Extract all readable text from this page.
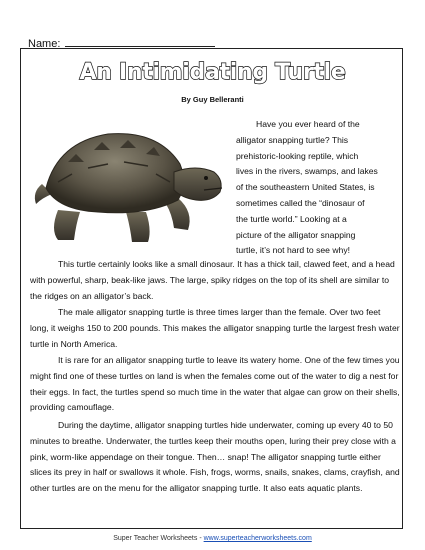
Name:
An Intimidating Turtle
By Guy Belleranti

Have you ever heard of the
alligator snapping turtle? This
prehistoric-looking reptile, which
lives in the rivers, swamps, and lakes
of the southeastern United States, is
sometimes called the “dinosaur of
the turtle world.” Looking at a
picture of the alligator snapping
turtle, it’s not hard to see why!

This turtle certainly looks like a small dinosaur. It has a thick tail, clawed feet, and a head with powerful, sharp, beak-like jaws. The large, spiky ridges on the top of its shell are similar to the ridges on an alligator’s back.

The male alligator snapping turtle is three times larger than the female. Over two feet long, it weighs 150 to 200 pounds. This makes the alligator snapping turtle the largest fresh water turtle in North America.

It is rare for an alligator snapping turtle to leave its watery home. One of the few times you might find one of these turtles on land is when the females come out of the water to dig a nest for their eggs. In fact, the turtles spend so much time in the water that algae can grow on their shells, providing camouflage.

During the daytime, alligator snapping turtles hide underwater, coming up every 40 to 50 minutes to breathe. Underwater, the turtles keep their mouths open, luring their prey close with a pink, worm-like appendage on their tongue. Then… snap! The alligator snapping turtle either slices its prey in half or swallows it whole. Fish, frogs, worms, snails, snakes, clams, crayfish, and other turtles are on the menu for the alligator snapping turtle. It also eats aquatic plants.

Super Teacher Worksheets - www.superteacherworksheets.com
